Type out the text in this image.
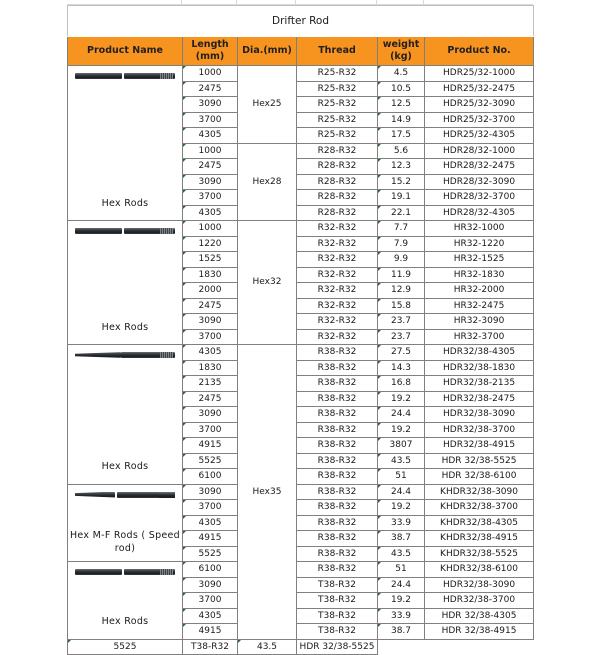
Drifter Rod					
Product Name	Length
(mm)
	Dia.(mm)	Thread	weight
(kg)
	Product No.

Hex Rods	1000	Hex25	R25-R32	4.5	HDR25/32-1000

2475		R25-R32	10.5	HDR25/32-2475

3090		R25-R32	12.5	HDR25/32-3090

3700		R25-R32	14.9	HDR25/32-3700

4305		R25-R32	17.5	HDR25/32-4305

1000	Hex28	R28-R32	5.6	HDR28/32-1000

2475		R28-R32	12.3	HDR28/32-2475

3090		R28-R32	15.2	HDR28/32-3090

3700		R28-R32	19.1	HDR28/32-3700

4305		R28-R32	22.1	HDR28/32-4305

Hex Rods	1000	Hex32	R32-R32	7.7	HR32-1000

1220		R32-R32	7.9	HR32-1220

1525		R32-R32	9.9	HR32-1525

1830		R32-R32	11.9	HR32-1830

2000		R32-R32	12.9	HR32-2000

2475		R32-R32	15.8	HR32-2475

3090		R32-R32	23.7	HR32-3090

3700		R32-R32	23.7	HR32-3700

Hex Rods	4305	Hex35	R38-R32	27.5	HDR32/38-4305

1830		R38-R32	14.3	HDR32/38-1830

2135		R38-R32	16.8	HDR32/38-2135

2475		R38-R32	19.2	HDR32/38-2475

3090		R38-R32	24.4	HDR32/38-3090

3700		R38-R32	19.2	HDR32/38-3700

4915		R38-R32	3807	HDR32/38-4915

5525		R38-R32	43.5	HDR 32/38-5525

6100		R38-R32	51	HDR 32/38-6100

Hex M-F Rods ( Speed rod)	3090		R38-R32	24.4	KHDR32/38-3090

3700		R38-R32	19.2	KHDR32/38-3700

4305		R38-R32	33.9	KHDR32/38-4305

4915		R38-R32	38.7	KHDR32/38-4915

5525		R38-R32	43.5	KHDR32/38-5525

Hex Rods	6100		R38-R32	51	KHDR32/38-6100

3090		T38-R32	24.4	HDR32/38-3090

3700		T38-R32	19.2	HDR32/38-3700

4305		T38-R32	33.9	HDR 32/38-4305

4915		T38-R32	38.7	HDR 32/38-4915

5525	T38-R32	43.5	HDR 32/38-5525		
